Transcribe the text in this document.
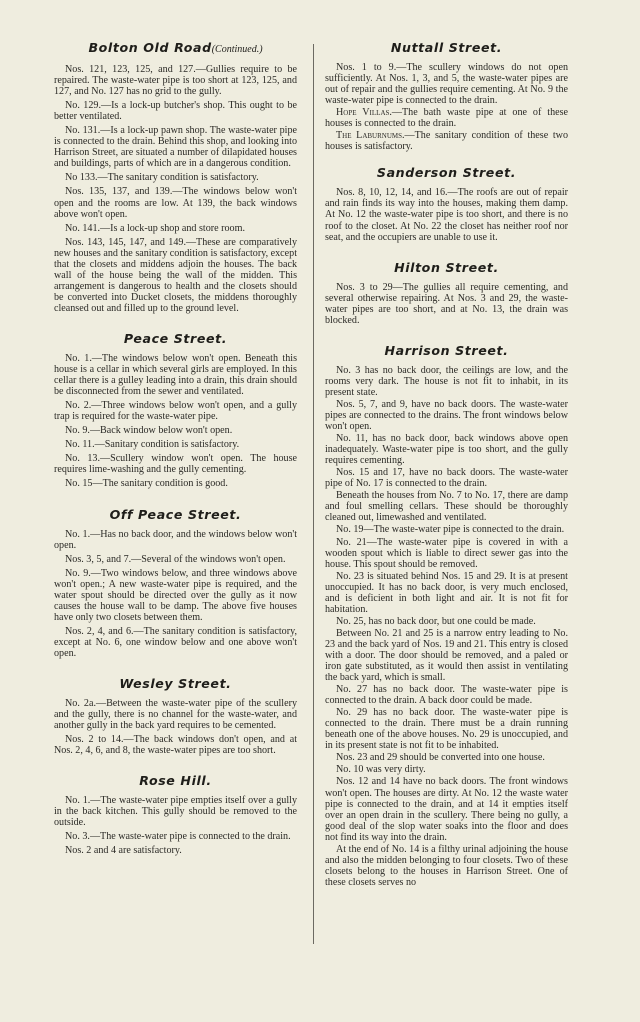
Bolton Old Road(Continued.)

Nos. 121, 123, 125, and 127.—Gullies require to be repaired. The waste-water pipe is too short at 123, 125, and 127, and No. 127 has no grid to the gully.

No. 129.—Is a lock-up butcher's shop. This ought to be better ventilated.

No. 131.—Is a lock-up pawn shop. The waste-water pipe is connected to the drain. Behind this shop, and looking into Harrison Street, are situated a number of dilapidated houses and buildings, parts of which are in a dangerous condition.

No 133.—The sanitary condition is satisfactory.

Nos. 135, 137, and 139.—The windows below won't open and the rooms are low. At 139, the back windows above won't open.

No. 141.—Is a lock-up shop and store room.

Nos. 143, 145, 147, and 149.—These are comparatively new houses and the sanitary condition is satisfactory, except that the closets and middens adjoin the houses. The back wall of the house being the wall of the midden. This arrangement is dangerous to health and the closets should be converted into Ducket closets, the middens thoroughly cleansed out and filled up to the ground level.

Peace Street.

No. 1.—The windows below won't open. Beneath this house is a cellar in which several girls are employed. In this cellar there is a gulley leading into a drain, this drain should be disconnected from the sewer and ventilated.

No. 2.—Three windows below won't open, and a gully trap is required for the waste-water pipe.

No. 9.—Back window below won't open.

No. 11.—Sanitary condition is satisfactory.

No. 13.—Scullery window won't open. The house requires lime-washing and the gully cementing.

No. 15—The sanitary condition is good.

Off Peace Street.

No. 1.—Has no back door, and the windows below won't open.

Nos. 3, 5, and 7.—Several of the windows won't open.

No. 9.—Two windows below, and three windows above won't open.; A new waste-water pipe is required, and the water spout should be directed over the gully as it now causes the house wall to be damp. The above five houses have only two closets between them.

Nos. 2, 4, and 6.—The sanitary condition is satisfactory, except at No. 6, one window below and one above won't open.

Wesley Street.

No. 2a.—Between the waste-water pipe of the scullery and the gully, there is no channel for the waste-water, and another gully in the back yard requires to be cemented.

Nos. 2 to 14.—The back windows don't open, and at Nos. 2, 4, 6, and 8, the waste-water pipes are too short.

Rose Hill.

No. 1.—The waste-water pipe empties itself over a gully in the back kitchen. This gully should be removed to the outside.

No. 3.—The waste-water pipe is connected to the drain.

Nos. 2 and 4 are satisfactory.

Nuttall Street.

Nos. 1 to 9.—The scullery windows do not open sufficiently. At Nos. 1, 3, and 5, the waste-water pipes are out of repair and the gullies require cementing. At No. 9 the waste-water pipe is connected to the drain.

Hope Villas.—The bath waste pipe at one of these houses is connected to the drain.

The Laburnums.—The sanitary condition of these two houses is satisfactory.

Sanderson Street.

Nos. 8, 10, 12, 14, and 16.—The roofs are out of repair and rain finds its way into the houses, making them damp. At No. 12 the waste-water pipe is too short, and there is no roof to the closet. At No. 22 the closet has neither roof nor seat, and the occupiers are unable to use it.

Hilton Street.

Nos. 3 to 29—The gullies all require cementing, and several otherwise repairing. At Nos. 3 and 29, the waste-water pipes are too short, and at No. 13, the drain was blocked.

Harrison Street.

No. 3 has no back door, the ceilings are low, and the rooms very dark. The house is not fit to inhabit, in its present state.

Nos. 5, 7, and 9, have no back doors. The waste-water pipes are connected to the drains. The front windows below won't open.

No. 11, has no back door, back windows above open inadequately. Waste-water pipe is too short, and the gully requires cementing.

Nos. 15 and 17, have no back doors. The waste-water pipe of No. 17 is connected to the drain.

Beneath the houses from No. 7 to No. 17, there are damp and foul smelling cellars. These should be thoroughly cleaned out, limewashed and ventilated.

No. 19—The waste-water pipe is connected to the drain.

No. 21—The waste-water pipe is covered in with a wooden spout which is liable to direct sewer gas into the house. This spout should be removed.

No. 23 is situated behind Nos. 15 and 29. It is at present unoccupied. It has no back door, is very much enclosed, and is deficient in both light and air. It is not fit for habitation.

No. 25, has no back door, but one could be made.

Between No. 21 and 25 is a narrow entry leading to No. 23 and the back yard of Nos. 19 and 21. This entry is closed with a door. The door should be removed, and a paled or iron gate substituted, as it would then assist in ventilating the back yard, which is small.

No. 27 has no back door. The waste-water pipe is connected to the drain. A back door could be made.

No. 29 has no back door. The waste-water pipe is connected to the drain. There must be a drain running beneath one of the above houses. No. 29 is unoccupied, and in its present state is not fit to be inhabited.

Nos. 23 and 29 should be converted into one house.

No. 10 was very dirty.

Nos. 12 and 14 have no back doors. The front windows won't open. The houses are dirty. At No. 12 the waste water pipe is connected to the drain, and at 14 it empties itself over an open drain in the scullery. There being no gully, a good deal of the slop water soaks into the floor and does not find its way into the drain.

At the end of No. 14 is a filthy urinal adjoining the house and also the midden belonging to four closets. Two of these closets belong to the houses in Harrison Street. One of these closets serves no
